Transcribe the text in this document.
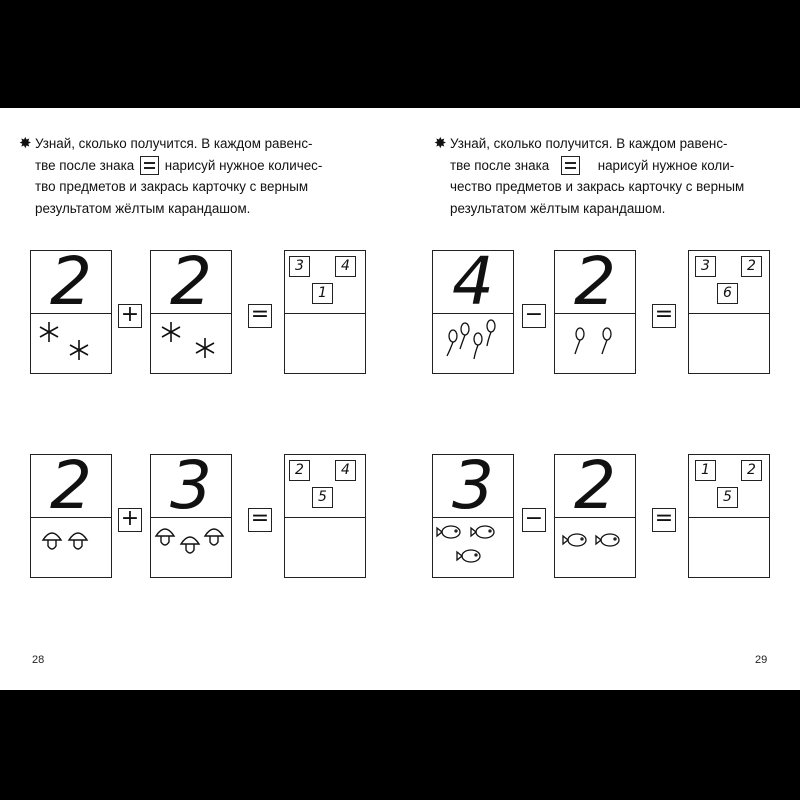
✸ Узнай, сколько получится. В каждом равенс-
тве после знака нарисуй нужное количес-
тво предметов и закрась карточку с верным
результатом жёлтым карандашом.
✸ Узнай, сколько получится. В каждом равенс-
тве после знака	нарисуй нужное коли-
чество предметов и закрась карточку с верным
результатом жёлтым карандашом.
2	+ 2	=
3	4
1 4	− 2	=
3	2
6
2	+ 3	=
2	4
5 3	− 2	=
1	2
5
28	29
